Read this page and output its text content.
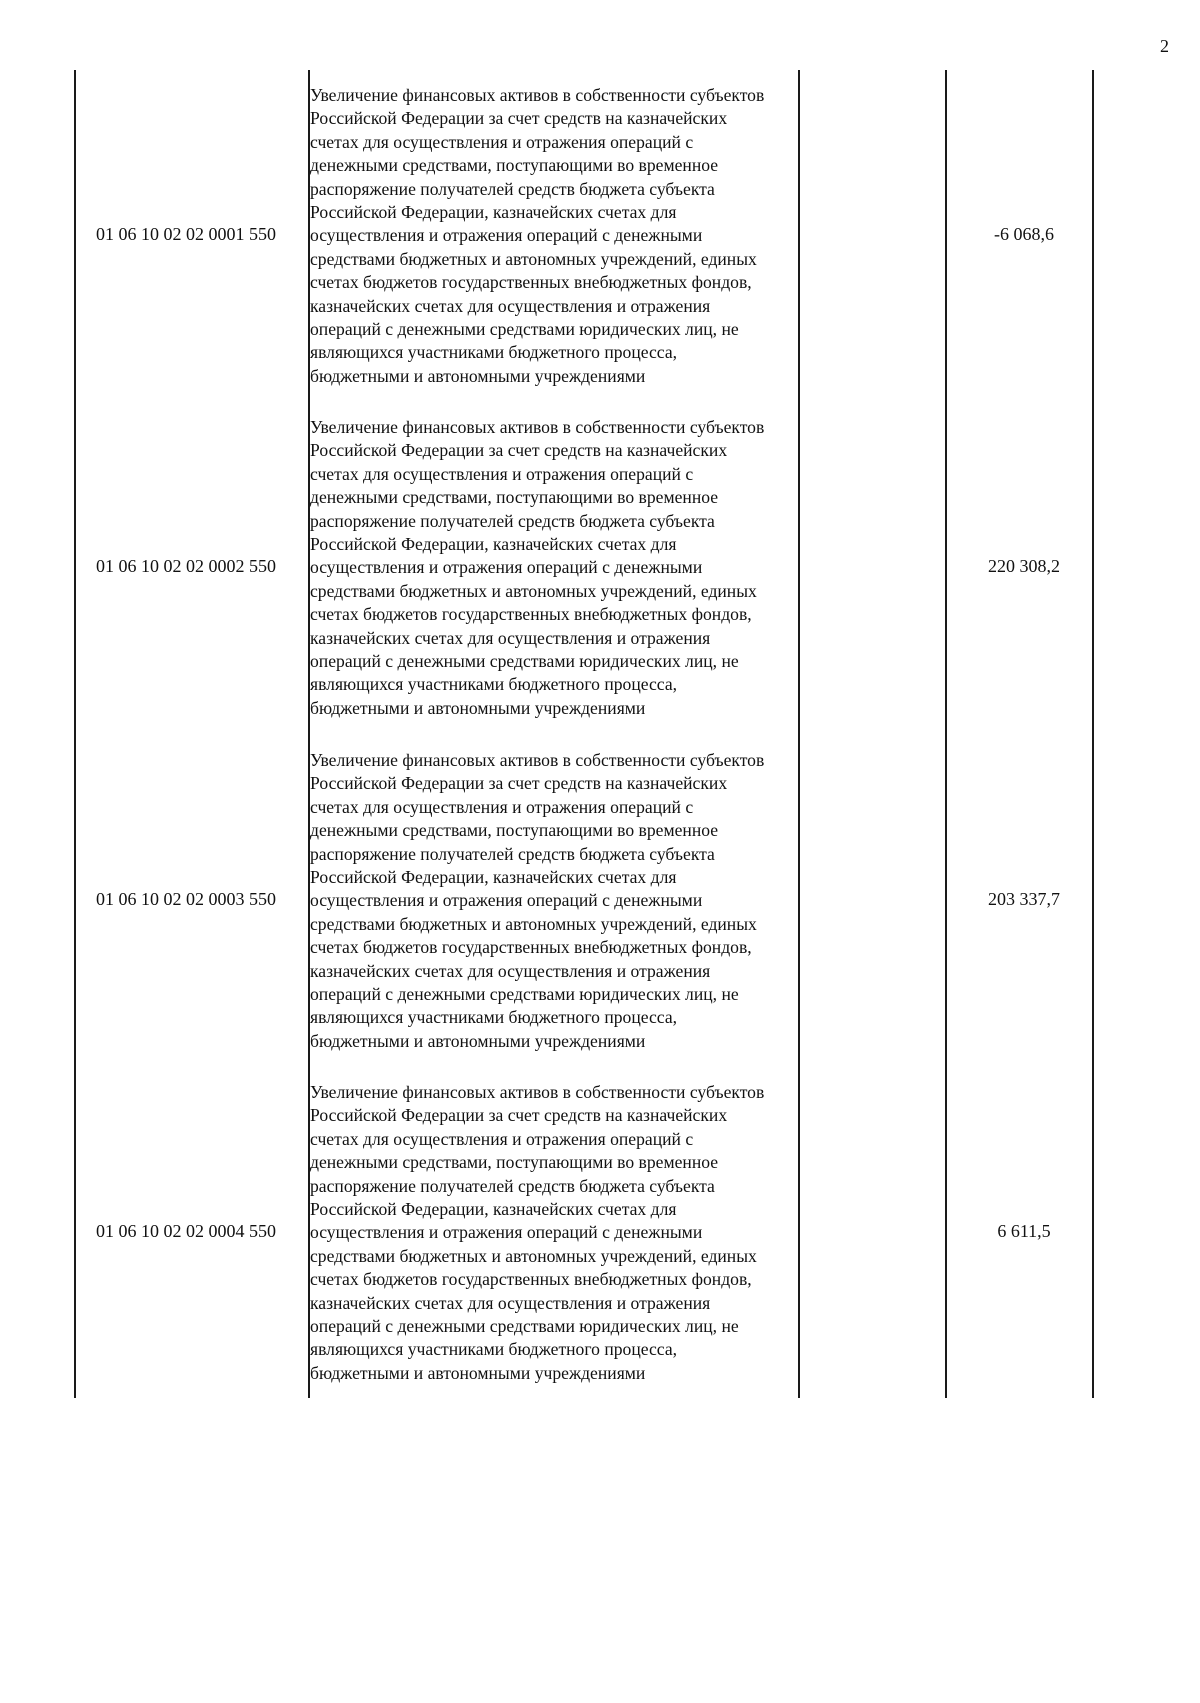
2
01 06 10 02 02 0001 550
Увеличение финансовых активов в собственности субъектов
Российской Федерации за счет средств на казначейских
счетах для осуществления и отражения операций с
денежными средствами, поступающими во временное
распоряжение получателей средств бюджета субъекта
Российской Федерации, казначейских счетах для
осуществления и отражения операций с денежными
средствами бюджетных и автономных учреждений, единых
счетах бюджетов государственных внебюджетных фондов,
казначейских счетах для осуществления и отражения
операций с денежными средствами юридических лиц, не
являющихся участниками бюджетного процесса,
бюджетными и автономными учреждениями
-6 068,6
01 06 10 02 02 0002 550
Увеличение финансовых активов в собственности субъектов
Российской Федерации за счет средств на казначейских
счетах для осуществления и отражения операций с
денежными средствами, поступающими во временное
распоряжение получателей средств бюджета субъекта
Российской Федерации, казначейских счетах для
осуществления и отражения операций с денежными
средствами бюджетных и автономных учреждений, единых
счетах бюджетов государственных внебюджетных фондов,
казначейских счетах для осуществления и отражения
операций с денежными средствами юридических лиц, не
являющихся участниками бюджетного процесса,
бюджетными и автономными учреждениями
220 308,2
01 06 10 02 02 0003 550
Увеличение финансовых активов в собственности субъектов
Российской Федерации за счет средств на казначейских
счетах для осуществления и отражения операций с
денежными средствами, поступающими во временное
распоряжение получателей средств бюджета субъекта
Российской Федерации, казначейских счетах для
осуществления и отражения операций с денежными
средствами бюджетных и автономных учреждений, единых
счетах бюджетов государственных внебюджетных фондов,
казначейских счетах для осуществления и отражения
операций с денежными средствами юридических лиц, не
являющихся участниками бюджетного процесса,
бюджетными и автономными учреждениями
203 337,7
01 06 10 02 02 0004 550
Увеличение финансовых активов в собственности субъектов
Российской Федерации за счет средств на казначейских
счетах для осуществления и отражения операций с
денежными средствами, поступающими во временное
распоряжение получателей средств бюджета субъекта
Российской Федерации, казначейских счетах для
осуществления и отражения операций с денежными
средствами бюджетных и автономных учреждений, единых
счетах бюджетов государственных внебюджетных фондов,
казначейских счетах для осуществления и отражения
операций с денежными средствами юридических лиц, не
являющихся участниками бюджетного процесса,
бюджетными и автономными учреждениями
6 611,5
